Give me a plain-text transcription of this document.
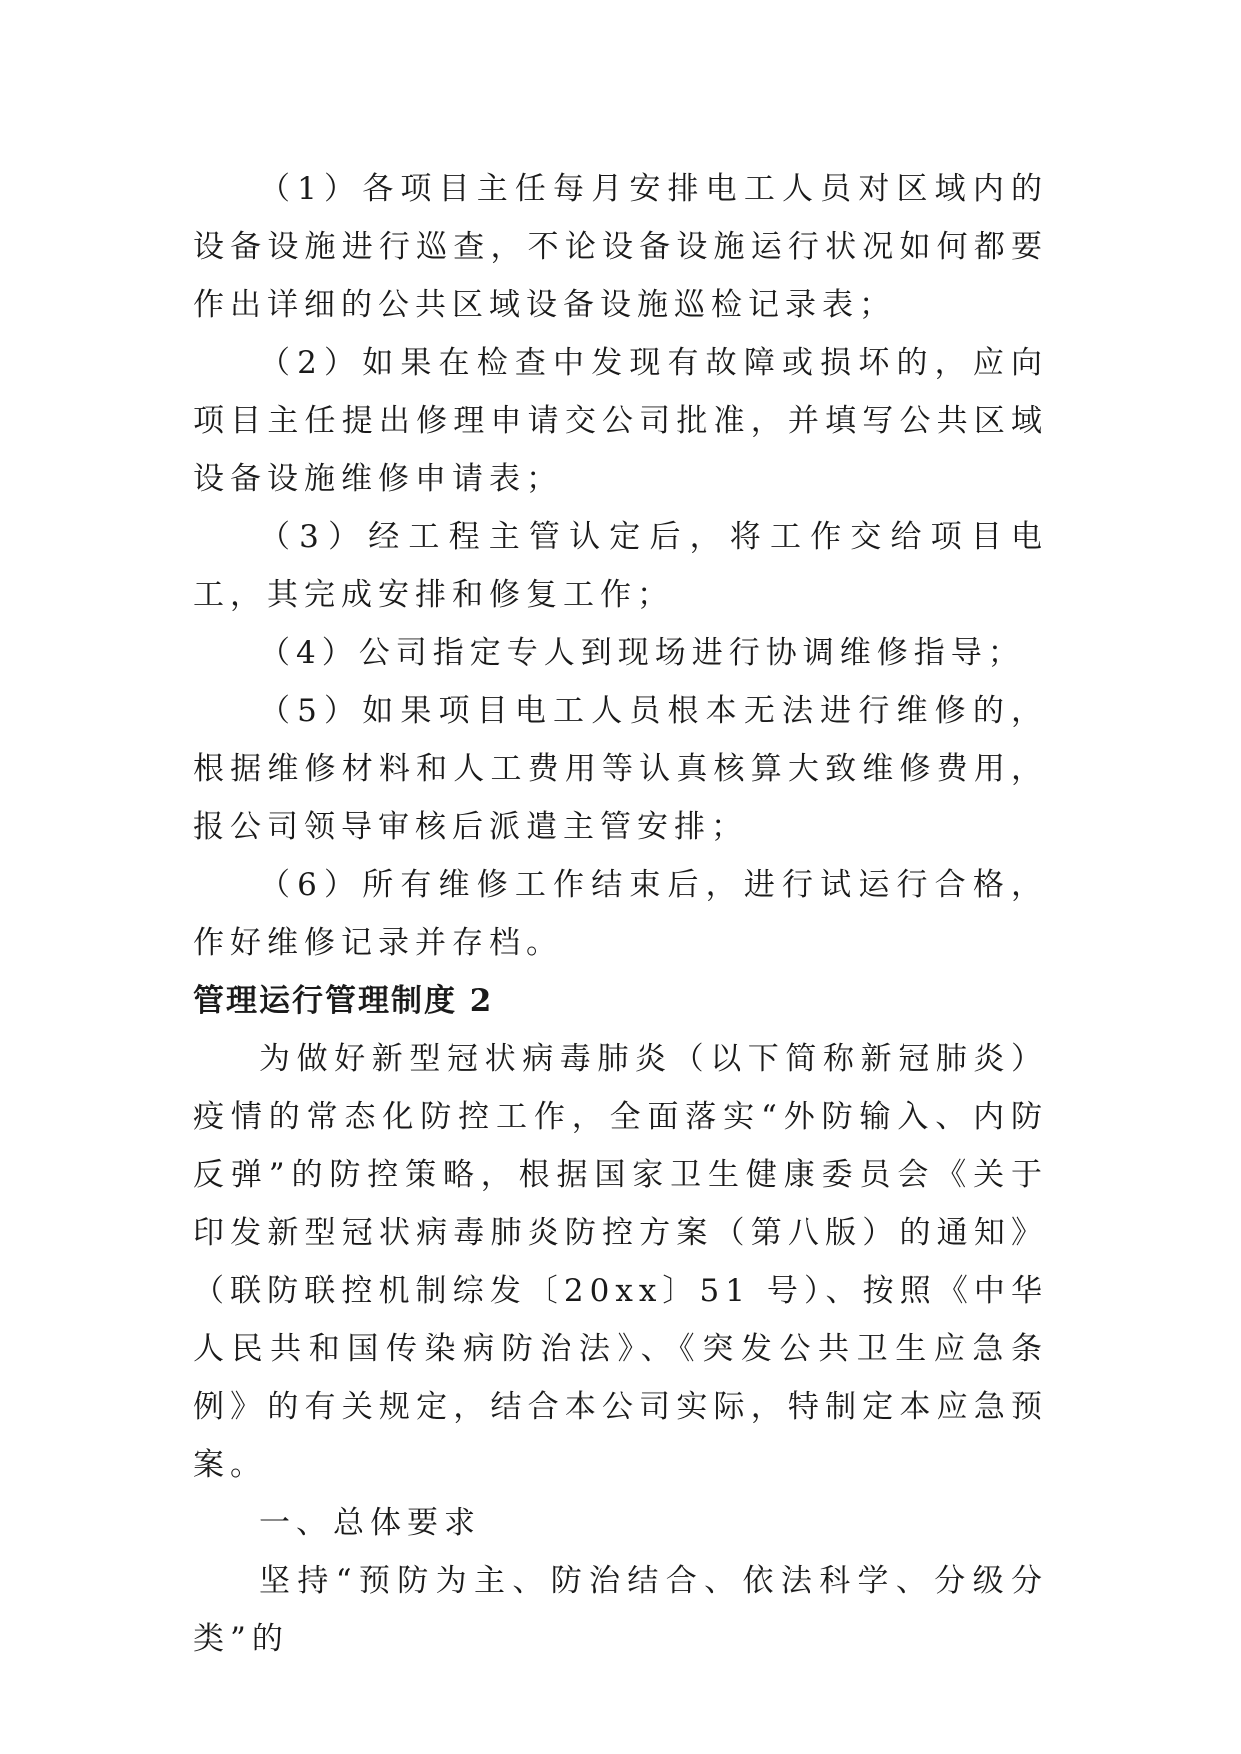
（1）各项目主任每月安排电工人员对区域内的设备设施进行巡查，不论设备设施运行状况如何都要作出详细的公共区域设备设施巡检记录表；

（2）如果在检查中发现有故障或损坏的，应向项目主任提出修理申请交公司批准，并填写公共区域设备设施维修申请表；

（3）经工程主管认定后，将工作交给项目电工，其完成安排和修复工作；

（4）公司指定专人到现场进行协调维修指导；

（5）如果项目电工人员根本无法进行维修的，根据维修材料和人工费用等认真核算大致维修费用，报公司领导审核后派遣主管安排；

（6）所有维修工作结束后，进行试运行合格，作好维修记录并存档。

管理运行管理制度 2

为做好新型冠状病毒肺炎（以下简称新冠肺炎）疫情的常态化防控工作，全面落实“外防输入、内防反弹”的防控策略，根据国家卫生健康委员会《关于印发新型冠状病毒肺炎防控方案（第八版）的通知》（联防联控机制综发〔20xx〕51 号）、按照《中华人民共和国传染病防治法》、《突发公共卫生应急条例》的有关规定，结合本公司实际，特制定本应急预案。

一、总体要求

坚持“预防为主、防治结合、依法科学、分级分类”的
